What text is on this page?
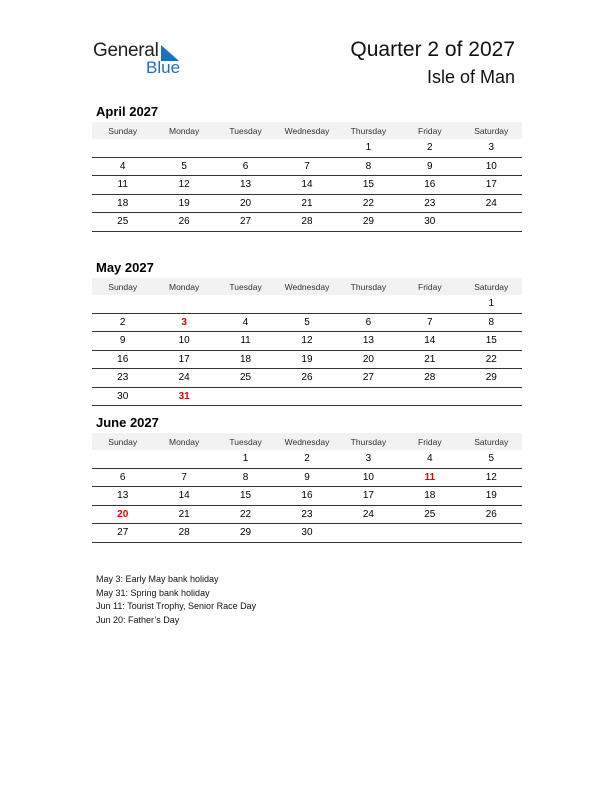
General
Blue
Quarter 2 of 2027
Isle of Man
April 2027
Sunday	Monday	Tuesday	Wednesday	Thursday	Friday	Saturday
				1	2	3
4	5	6	7	8	9	10
11	12	13	14	15	16	17
18	19	20	21	22	23	24
25	26	27	28	29	30	
May 2027
Sunday	Monday	Tuesday	Wednesday	Thursday	Friday	Saturday
						1
2	3	4	5	6	7	8
9	10	11	12	13	14	15
16	17	18	19	20	21	22
23	24	25	26	27	28	29
30	31					
June 2027
Sunday	Monday	Tuesday	Wednesday	Thursday	Friday	Saturday
		1	2	3	4	5
6	7	8	9	10	11	12
13	14	15	16	17	18	19
20	21	22	23	24	25	26
27	28	29	30			
May 3: Early May bank holiday
May 31: Spring bank holiday
Jun 11: Tourist Trophy, Senior Race Day
Jun 20: Father’s Day
